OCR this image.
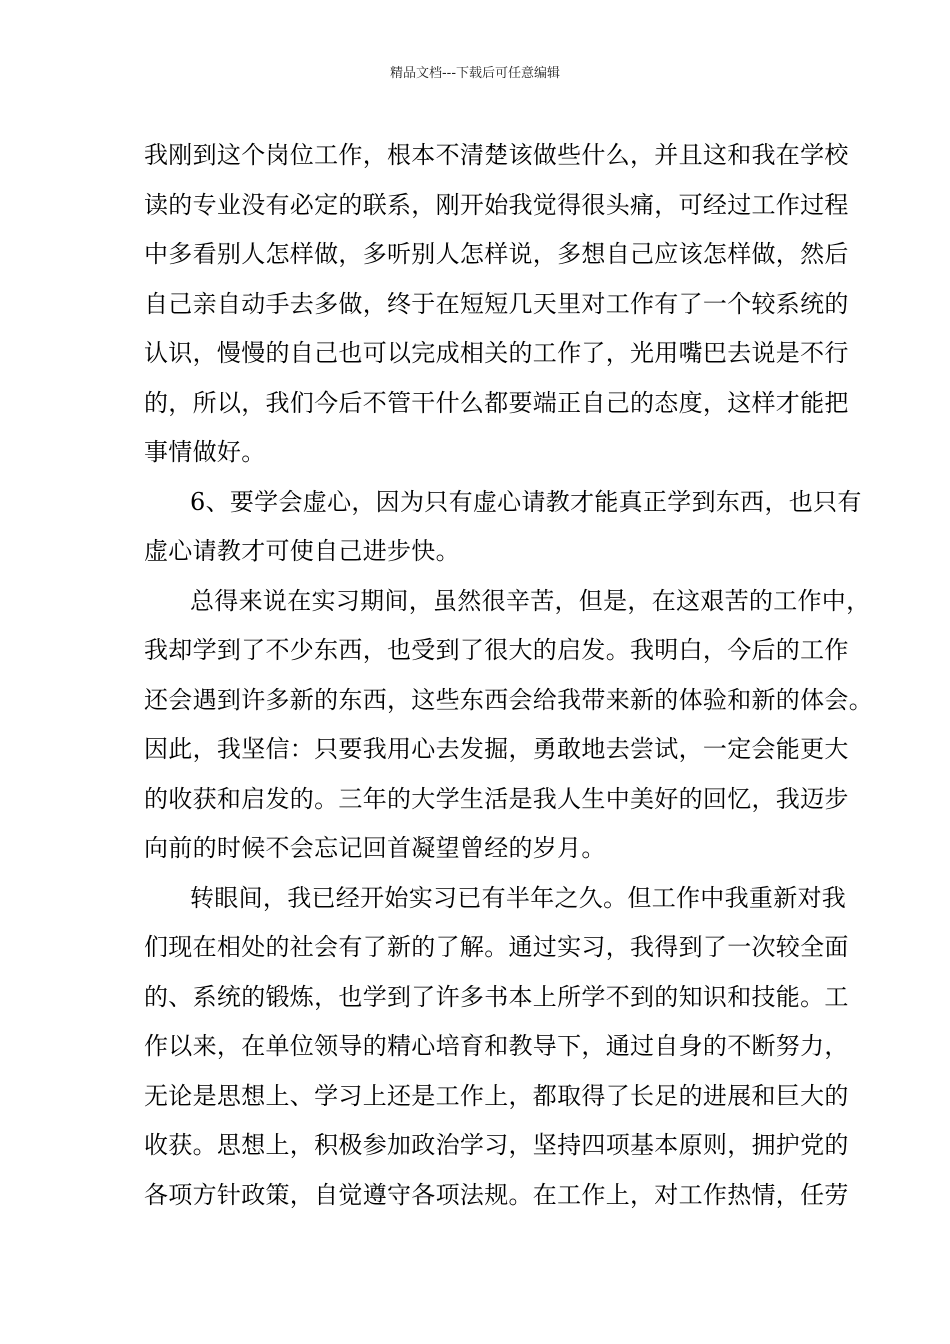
精品文档---下载后可任意编辑
我刚到这个岗位工作，根本不清楚该做些什么，并且这和我在学校
读的专业没有必定的联系，刚开始我觉得很头痛，可经过工作过程
中多看别人怎样做，多听别人怎样说，多想自己应该怎样做，然后
自己亲自动手去多做，终于在短短几天里对工作有了一个较系统的
认识，慢慢的自己也可以完成相关的工作了，光用嘴巴去说是不行
的，所以，我们今后不管干什么都要端正自己的态度，这样才能把
事情做好。
6、要学会虚心，因为只有虚心请教才能真正学到东西，也只有
虚心请教才可使自己进步快。
总得来说在实习期间，虽然很辛苦，但是，在这艰苦的工作中，
我却学到了不少东西，也受到了很大的启发。我明白，今后的工作
还会遇到许多新的东西，这些东西会给我带来新的体验和新的体会。
因此，我坚信：只要我用心去发掘，勇敢地去尝试，一定会能更大
的收获和启发的。三年的大学生活是我人生中美好的回忆，我迈步
向前的时候不会忘记回首凝望曾经的岁月。
转眼间，我已经开始实习已有半年之久。但工作中我重新对我
们现在相处的社会有了新的了解。通过实习，我得到了一次较全面
的、系统的锻炼，也学到了许多书本上所学不到的知识和技能。工
作以来，在单位领导的精心培育和教导下，通过自身的不断努力，
无论是思想上、学习上还是工作上，都取得了长足的进展和巨大的
收获。思想上，积极参加政治学习，坚持四项基本原则，拥护党的
各项方针政策，自觉遵守各项法规。在工作上，对工作热情，任劳
